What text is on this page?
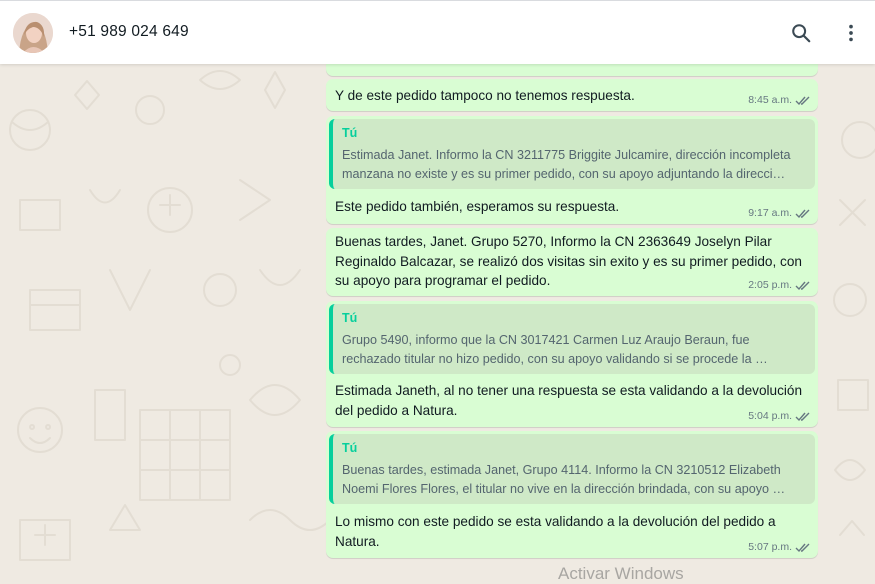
+51 989 024 649
Y de este pedido tampoco no tenemos respuesta.	8:45 a.m.
Tú
Estimada Janet. Informo la CN 3211775 Briggite Julcamire, dirección incompleta manzana no existe y es su primer pedido, con su apoyo adjuntando la direcci…
Este pedido también, esperamos su respuesta.	9:17 a.m.
Buenas tardes, Janet. Grupo 5270, Informo la CN 2363649 Joselyn Pilar Reginaldo Balcazar, se realizó dos visitas sin exito y es su primer pedido, con su apoyo para programar el pedido.	2:05 p.m.
Tú
Grupo 5490, informo que la CN 3017421 Carmen Luz Araujo Beraun, fue rechazado titular no hizo pedido, con su apoyo validando si se procede la …
Estimada Janeth, al no tener una respuesta se esta validando a la devolución del pedido a Natura.	5:04 p.m.
Tú
Buenas tardes, estimada Janet, Grupo 4114. Informo la CN 3210512 Elizabeth Noemi Flores Flores, el titular no vive en la dirección brindada, con su apoyo …
Lo mismo con este pedido se esta validando a la devolución del pedido a Natura.	5:07 p.m.
Activar Windows
